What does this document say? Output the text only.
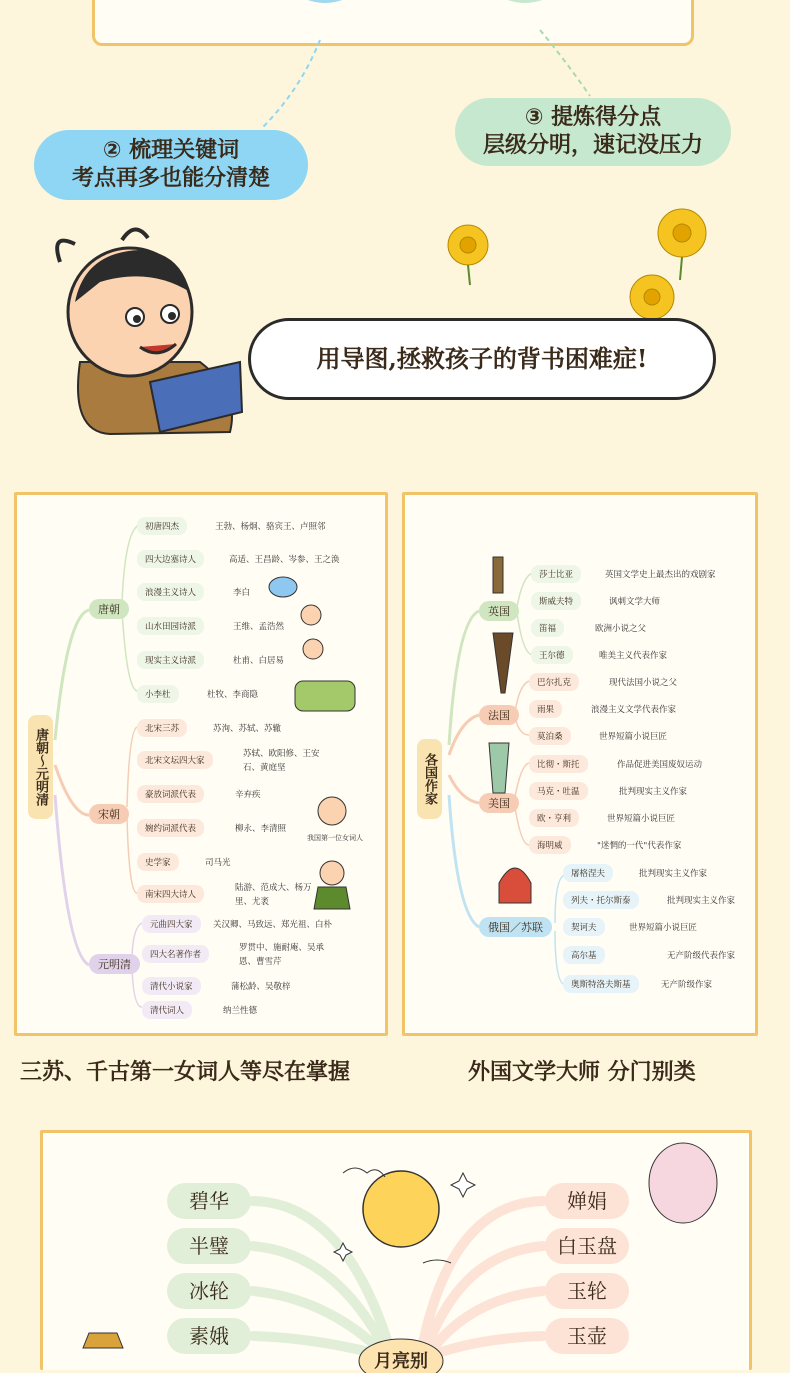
② 梳理关键词
考点再多也能分清楚
③ 提炼得分点
层级分明，速记没压力
用导图,拯救孩子的背书困难症!
唐朝～元明清
唐朝
宋朝
元明清
初唐四杰	王勃、杨炯、骆宾王、卢照邻
四大边塞诗人	高适、王昌龄、岑参、王之涣
浪漫主义诗人	李白
山水田园诗派	王维、孟浩然
现实主义诗派	杜甫、白居易
小李杜	杜牧、李商隐
北宋三苏	苏洵、苏轼、苏辙
北宋文坛四大家
苏轼、欧阳修、王安石、黄庭坚
豪放词派代表	辛弃疾
婉约词派代表	柳永、李清照
我国第一位女词人
史学家	司马光
南宋四大诗人
陆游、范成大、杨万里、尤袤
元曲四大家	关汉卿、马致远、郑光祖、白朴
四大名著作者
罗贯中、施耐庵、吴承恩、曹雪芹
清代小说家	蒲松龄、吴敬梓
清代词人	纳兰性德
各国作家
英国
法国
美国
俄国／苏联
莎士比亚	英国文学史上最杰出的戏剧家
斯威夫特	讽刺文学大师
笛福	欧洲小说之父
王尔德	唯美主义代表作家
巴尔扎克	现代法国小说之父
雨果	浪漫主义文学代表作家
莫泊桑	世界短篇小说巨匠
比彻・斯托	作品促进美国废奴运动
马克・吐温	批判现实主义作家
欧・亨利	世界短篇小说巨匠
海明威	"迷惘的一代"代表作家
屠格涅夫	批判现实主义作家
列夫・托尔斯泰	批判现实主义作家
契诃夫	世界短篇小说巨匠
高尔基	无产阶级代表作家
奥斯特洛夫斯基	无产阶级作家
三苏、千古第一女词人等尽在掌握	外国文学大师 分门别类
碧华
半璧
冰轮
素娥
婵娟
白玉盘
玉轮
玉壶
月亮别
